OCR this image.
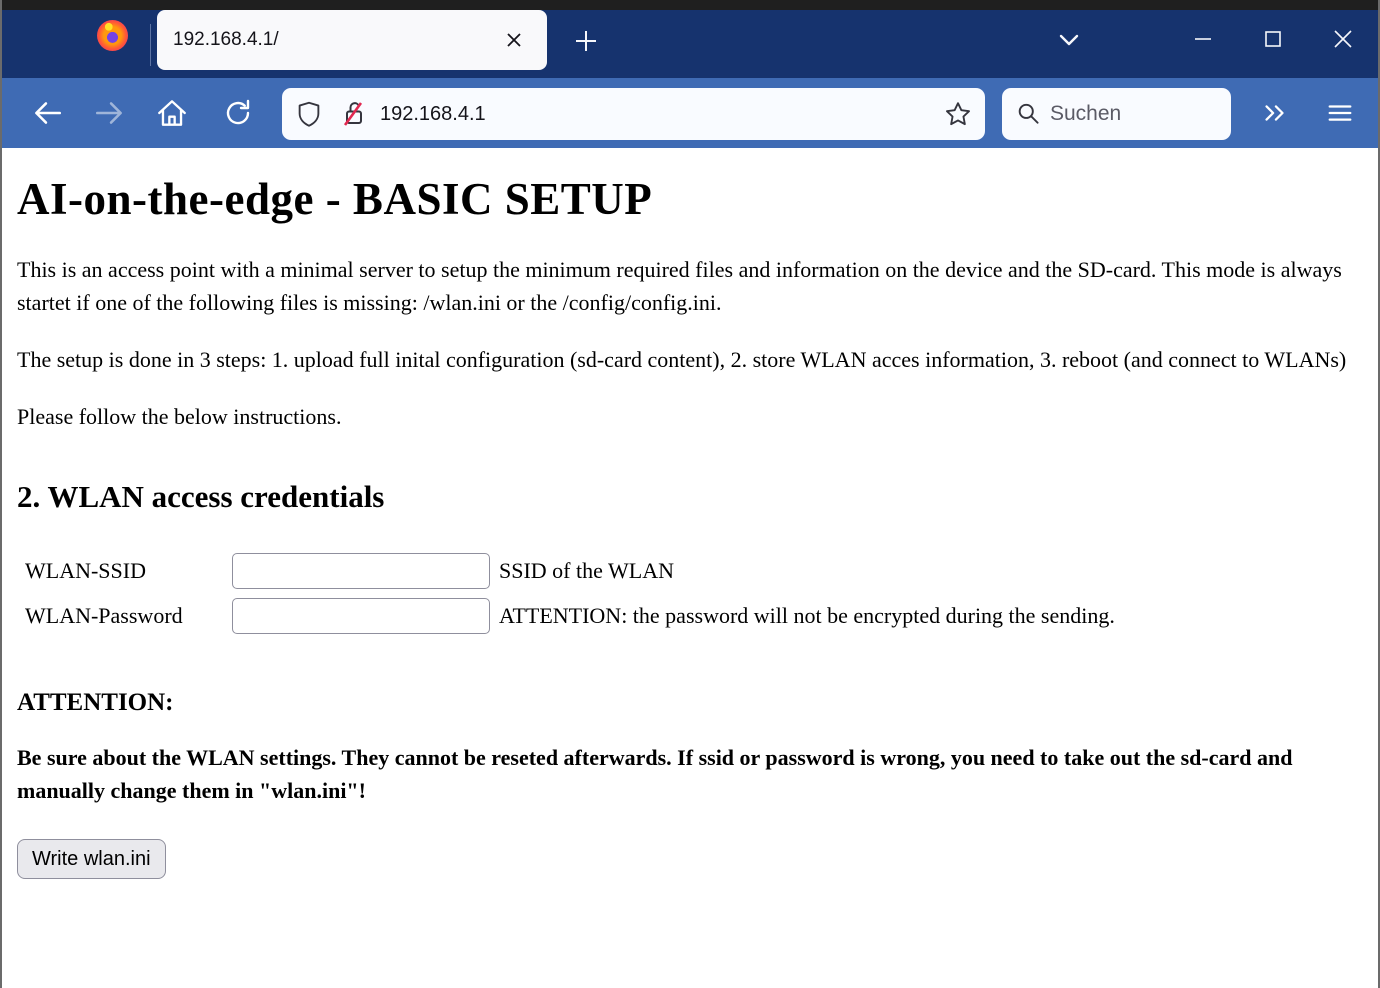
192.168.4.1/
192.168.4.1
Suchen
AI-on-the-edge - BASIC SETUP

This is an access point with a minimal server to setup the minimum required files and information on the device and the SD-card. This mode is always startet if one of the following files is missing: /wlan.ini or the /config/config.ini.

The setup is done in 3 steps: 1. upload full inital configuration (sd-card content), 2. store WLAN acces information, 3. reboot (and connect to WLANs)

Please follow the below instructions.

2. WLAN access credentials
WLAN-SSID	SSID of the WLAN
WLAN-Password	ATTENTION: the password will not be encrypted during the sending.
ATTENTION:

Be sure about the WLAN settings. They cannot be reseted afterwards. If ssid or password is wrong, you need to take out the sd-card and manually change them in "wlan.ini"!

Write wlan.ini
